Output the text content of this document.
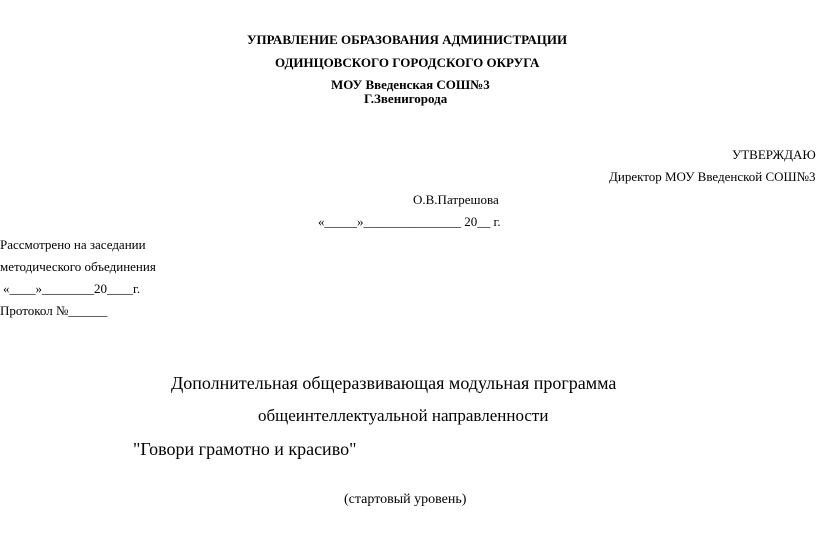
УПРАВЛЕНИЕ ОБРАЗОВАНИЯ АДМИНИСТРАЦИИ
ОДИНЦОВСКОГО ГОРОДСКОГО ОКРУГА
МОУ Введенская СОШ№3
Г.Звенигорода
УТВЕРЖДАЮ
Директор МОУ Введенской СОШ№3
О.В.Патрешова
«_____»_______________ 20__ г.
Рассмотрено на заседании
методического объединения
«____»________20____г.
Протокол №______
Дополнительная общеразвивающая модульная программа
общеинтеллектуальной направленности
"Говори грамотно и красиво"
(стартовый уровень)
